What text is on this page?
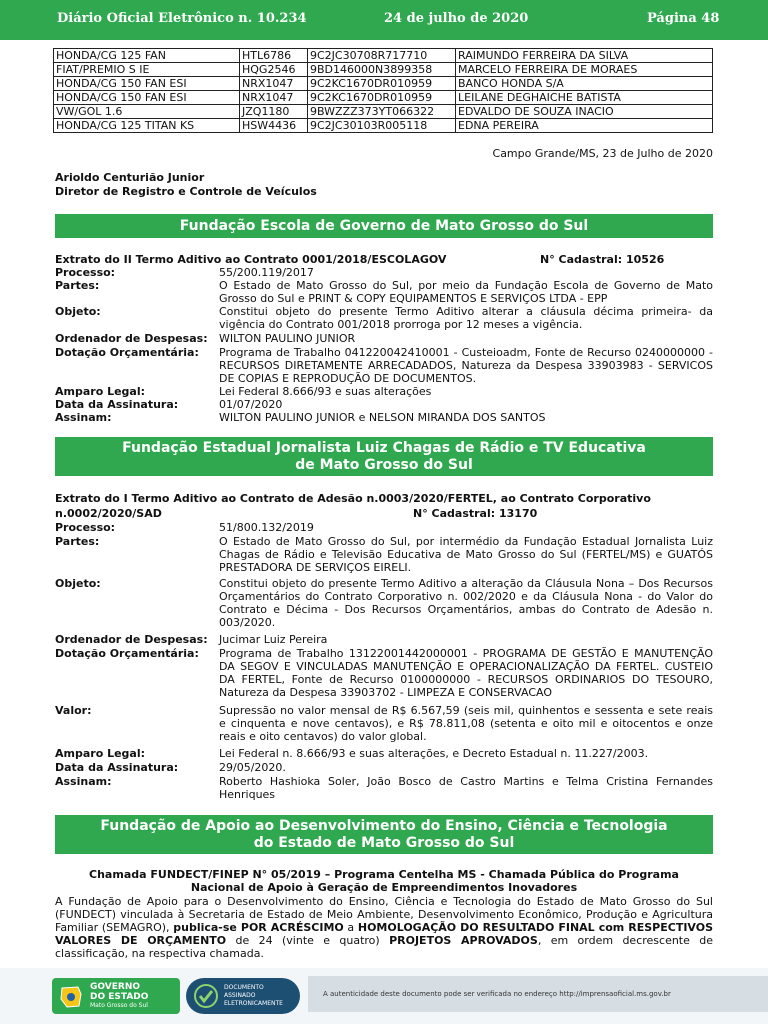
Diário Oficial Eletrônico n. 10.234	24 de julho de 2020	Página 48
HONDA/CG 125 FAN	HTL6786	9C2JC30708R717710	RAIMUNDO FERREIRA DA SILVA
FIAT/PREMIO S IE	HQG2546	9BD146000N3899358	MARCELO FERREIRA DE MORAES
HONDA/CG 150 FAN ESI	NRX1047	9C2KC1670DR010959	BANCO HONDA S/A
HONDA/CG 150 FAN ESI	NRX1047	9C2KC1670DR010959	LEILANE DEGHAICHE BATISTA
VW/GOL 1.6	JZQ1180	9BWZZZ373YT066322	EDVALDO DE SOUZA INACIO
HONDA/CG 125 TITAN KS	HSW4436	9C2JC30103R005118	EDNA PEREIRA
Campo Grande/MS, 23 de Julho de 2020
Arioldo Centurião Junior
Diretor de Registro e Controle de Veículos
Fundação Escola de Governo de Mato Grosso do Sul
Extrato do II Termo Aditivo ao Contrato 0001/2018/ESCOLAGOV	N° Cadastral: 10526
Processo:	55/200.119/2017
Partes:	O Estado de Mato Grosso do Sul, por meio da Fundação Escola de Governo de Mato Grosso do Sul e PRINT & COPY EQUIPAMENTOS E SERVIÇOS LTDA - EPP
Objeto:	Constitui objeto do presente Termo Aditivo alterar a cláusula décima primeira- da vigência do Contrato 001/2018 prorroga por 12 meses a vigência.
Ordenador de Despesas: WILTON PAULINO JUNIOR
Dotação Orçamentária: Programa de Trabalho 041220042410001 - Custeioadm, Fonte de Recurso 0240000000 - RECURSOS DIRETAMENTE ARRECADADOS, Natureza da Despesa 33903983 - SERVICOS DE COPIAS E REPRODUÇÃO DE DOCUMENTOS.
Amparo Legal:	Lei Federal 8.666/93 e suas alterações
Data da Assinatura:	01/07/2020
Assinam:	WILTON PAULINO JUNIOR e NELSON MIRANDA DOS SANTOS
Fundação Estadual Jornalista Luiz Chagas de Rádio e TV Educativa
de Mato Grosso do Sul
Extrato do I Termo Aditivo ao Contrato de Adesão n.0003/2020/FERTEL, ao Contrato Corporativo
n.0002/2020/SAD	N° Cadastral: 13170
Processo:	51/800.132/2019
Partes:	O Estado de Mato Grosso do Sul, por intermédio da Fundação Estadual Jornalista Luiz Chagas de Rádio e Televisão Educativa de Mato Grosso do Sul (FERTEL/MS) e GUATÓS PRESTADORA DE SERVIÇOS EIRELI.
Objeto:	Constitui objeto do presente Termo Aditivo a alteração da Cláusula Nona – Dos Recursos Orçamentários do Contrato Corporativo n. 002/2020 e da Cláusula Nona - do Valor do Contrato e Décima - Dos Recursos Orçamentários, ambas do Contrato de Adesão n. 003/2020.
Ordenador de Despesas: Jucimar Luiz Pereira
Dotação Orçamentária: Programa de Trabalho 13122001442000001 - PROGRAMA DE GESTÃO E MANUTENÇÃO DA SEGOV E VINCULADAS MANUTENÇÃO E OPERACIONALIZAÇÃO DA FERTEL. CUSTEIO DA FERTEL, Fonte de Recurso 0100000000 - RECURSOS ORDINARIOS DO TESOURO, Natureza da Despesa 33903702 - LIMPEZA E CONSERVACAO
Valor:	Supressão no valor mensal de R$ 6.567,59 (seis mil, quinhentos e sessenta e sete reais e cinquenta e nove centavos), e R$ 78.811,08 (setenta e oito mil e oitocentos e onze reais e oito centavos) do valor global.
Amparo Legal:	Lei Federal n. 8.666/93 e suas alterações, e Decreto Estadual n. 11.227/2003.
Data da Assinatura:	29/05/2020.
Assinam:	Roberto Hashioka Soler, João Bosco de Castro Martins e Telma Cristina Fernandes Henriques
Fundação de Apoio ao Desenvolvimento do Ensino, Ciência e Tecnologia
do Estado de Mato Grosso do Sul
Chamada FUNDECT/FINEP N° 05/2019 – Programa Centelha MS - Chamada Pública do Programa
Nacional de Apoio à Geração de Empreendimentos Inovadores
A Fundação de Apoio para o Desenvolvimento do Ensino, Ciência e Tecnologia do Estado de Mato Grosso do Sul (FUNDECT) vinculada à Secretaria de Estado de Meio Ambiente, Desenvolvimento Econômico, Produção e Agricultura Familiar (SEMAGRO), publica-se POR ACRÉSCIMO a HOMOLOGAÇÃO DO RESULTADO FINAL com RESPECTIVOS VALORES DE ORÇAMENTO de 24 (vinte e quatro) PROJETOS APROVADOS, em ordem decrescente de classificação, na respectiva chamada.
GOVERNO
DO ESTADO
Mato Grosso do Sul
DOCUMENTO
ASSINADO
ELETRONICAMENTE
A autenticidade deste documento pode ser verificada no endereço http://imprensaoficial.ms.gov.br
